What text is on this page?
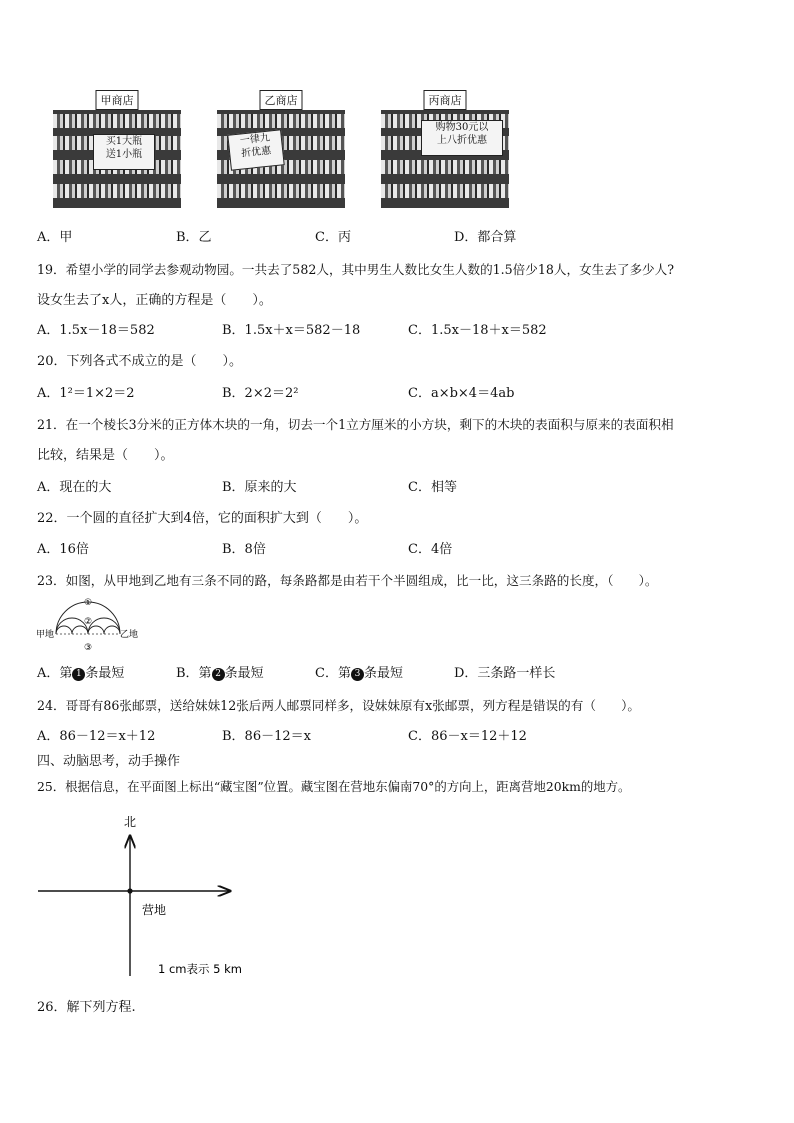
买1大瓶
送1小瓶
甲商店
一律九
折优惠
乙商店
购物30元以
上八折优惠
丙商店
A．甲	B．乙	C．丙	D．都合算
19．希望小学的同学去参观动物园。一共去了582人，其中男生人数比女生人数的1.5倍少18人，女生去了多少人?
设女生去了x人，正确的方程是（　　）。
A．1.5x－18＝582	B．1.5x＋x＝582－18	C．1.5x－18＋x＝582
20．下列各式不成立的是（　　）。
A．1²＝1×2＝2	B．2×2＝2²	C．a×b×4＝4ab
21．在一个棱长3分米的正方体木块的一角，切去一个1立方厘米的小方块，剩下的木块的表面积与原来的表面积相
比较，结果是（　　）。
A．现在的大	B．原来的大	C．相等
22．一个圆的直径扩大到4倍，它的面积扩大到（　　）。
A．16倍	B．8倍	C．4倍
23．如图，从甲地到乙地有三条不同的路，每条路都是由若干个半圆组成，比一比，这三条路的长度，（　　）。
甲地	乙地
①
②
③
A．第 1 条最短	B．第 2 条最短	C．第 3 条最短	D．三条路一样长
24．哥哥有86张邮票，送给妹妹12张后两人邮票同样多，设妹妹原有x张邮票，列方程是错误的有（　　）。
A．86－12＝x＋12	B．86－12＝x	C．86－x＝12＋12
四、动脑思考，动手操作
25．根据信息，在平面图上标出“藏宝图”位置。藏宝图在营地东偏南70°的方向上，距离营地20km的地方。
北
营地
1 cm表示 5 km
26．解下列方程.
